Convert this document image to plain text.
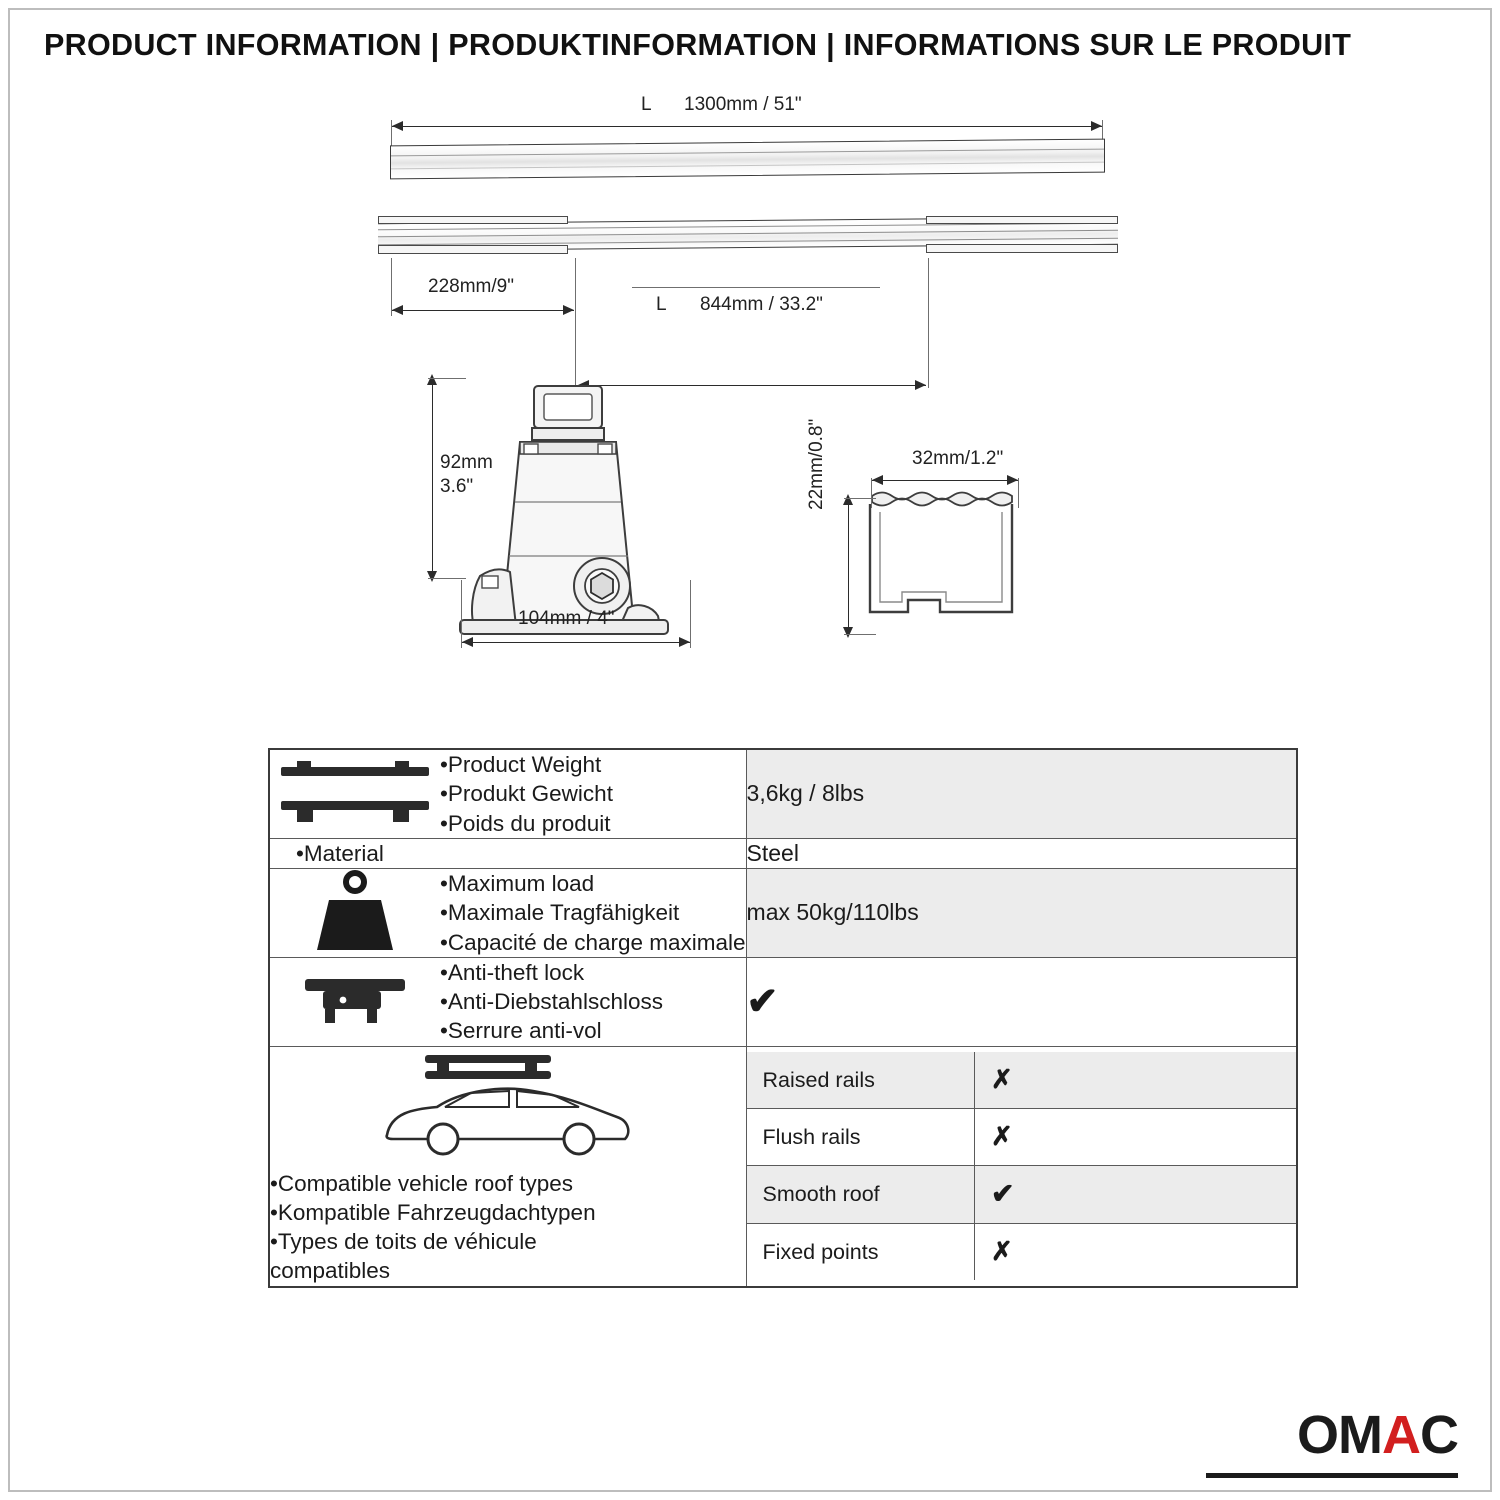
PRODUCT INFORMATION | PRODUKTINFORMATION | INFORMATIONS SUR LE PRODUIT
L 1300mm / 51"
228mm/9"
L 844mm / 33.2"
92mm
3.6"
104mm / 4"
32mm/1.2"
22mm/0.8"
•Product Weight
•Produkt Gewicht
•Poids du produit
	3,6kg / 8lbs

•Material	Steel

•Maximum load
•Maximale Tragfähigkeit
•Capacité de charge maximale
	max 50kg/110lbs

•Anti-theft lock
•Anti-Diebstahlschloss
•Serrure anti-vol
	✔

•Compatible vehicle roof types
•Kompatible Fahrzeugdachtypen
•Types de toits de véhicule
compatibles

Raised rails	✗
Flush rails	✗
Smooth roof	✔
Fixed points	✗
O M A C
